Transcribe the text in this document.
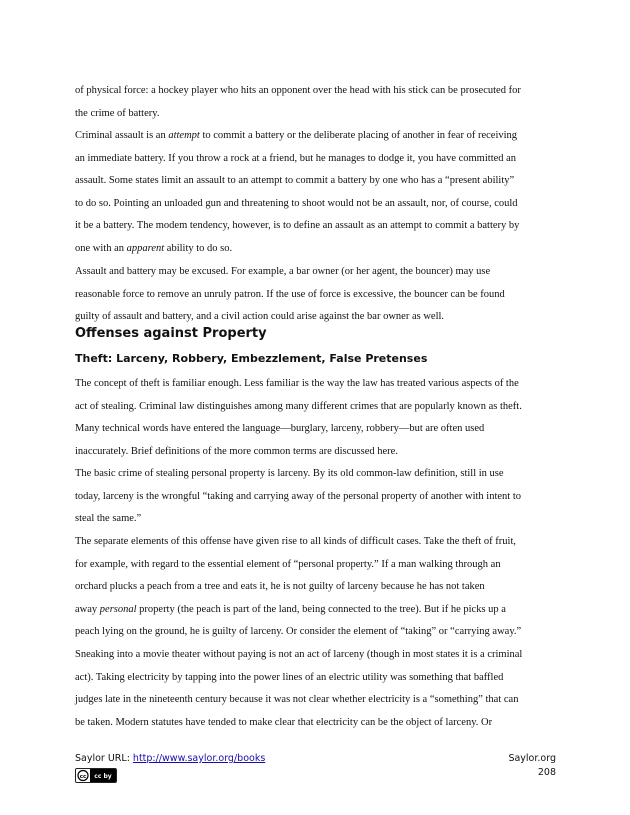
of physical force: a hockey player who hits an opponent over the head with his stick can be prosecuted for

the crime of battery.

Criminal assault is an attempt to commit a battery or the deliberate placing of another in fear of receiving

an immediate battery. If you throw a rock at a friend, but he manages to dodge it, you have committed an

assault. Some states limit an assault to an attempt to commit a battery by one who has a “present ability”

to do so. Pointing an unloaded gun and threatening to shoot would not be an assault, nor, of course, could

it be a battery. The modem tendency, however, is to define an assault as an attempt to commit a battery by

one with an apparent ability to do so.

Assault and battery may be excused. For example, a bar owner (or her agent, the bouncer) may use

reasonable force to remove an unruly patron. If the use of force is excessive, the bouncer can be found

guilty of assault and battery, and a civil action could arise against the bar owner as well.

Offenses against Property
Theft: Larceny, Robbery, Embezzlement, False Pretenses

The concept of theft is familiar enough. Less familiar is the way the law has treated various aspects of the

act of stealing. Criminal law distinguishes among many different crimes that are popularly known as theft.

Many technical words have entered the language—burglary, larceny, robbery—but are often used

inaccurately. Brief definitions of the more common terms are discussed here.

The basic crime of stealing personal property is larceny. By its old common-law definition, still in use

today, larceny is the wrongful “taking and carrying away of the personal property of another with intent to

steal the same.”

The separate elements of this offense have given rise to all kinds of difficult cases. Take the theft of fruit,

for example, with regard to the essential element of “personal property.” If a man walking through an

orchard plucks a peach from a tree and eats it, he is not guilty of larceny because he has not taken

away personal property (the peach is part of the land, being connected to the tree). But if he picks up a

peach lying on the ground, he is guilty of larceny. Or consider the element of “taking” or “carrying away.”

Sneaking into a movie theater without paying is not an act of larceny (though in most states it is a criminal

act). Taking electricity by tapping into the power lines of an electric utility was something that baffled

judges late in the nineteenth century because it was not clear whether electricity is a “something” that can

be taken. Modern statutes have tended to make clear that electricity can be the object of larceny. Or

Saylor URL: http://www.saylor.org/books
cc cc by
Saylor.org
208
